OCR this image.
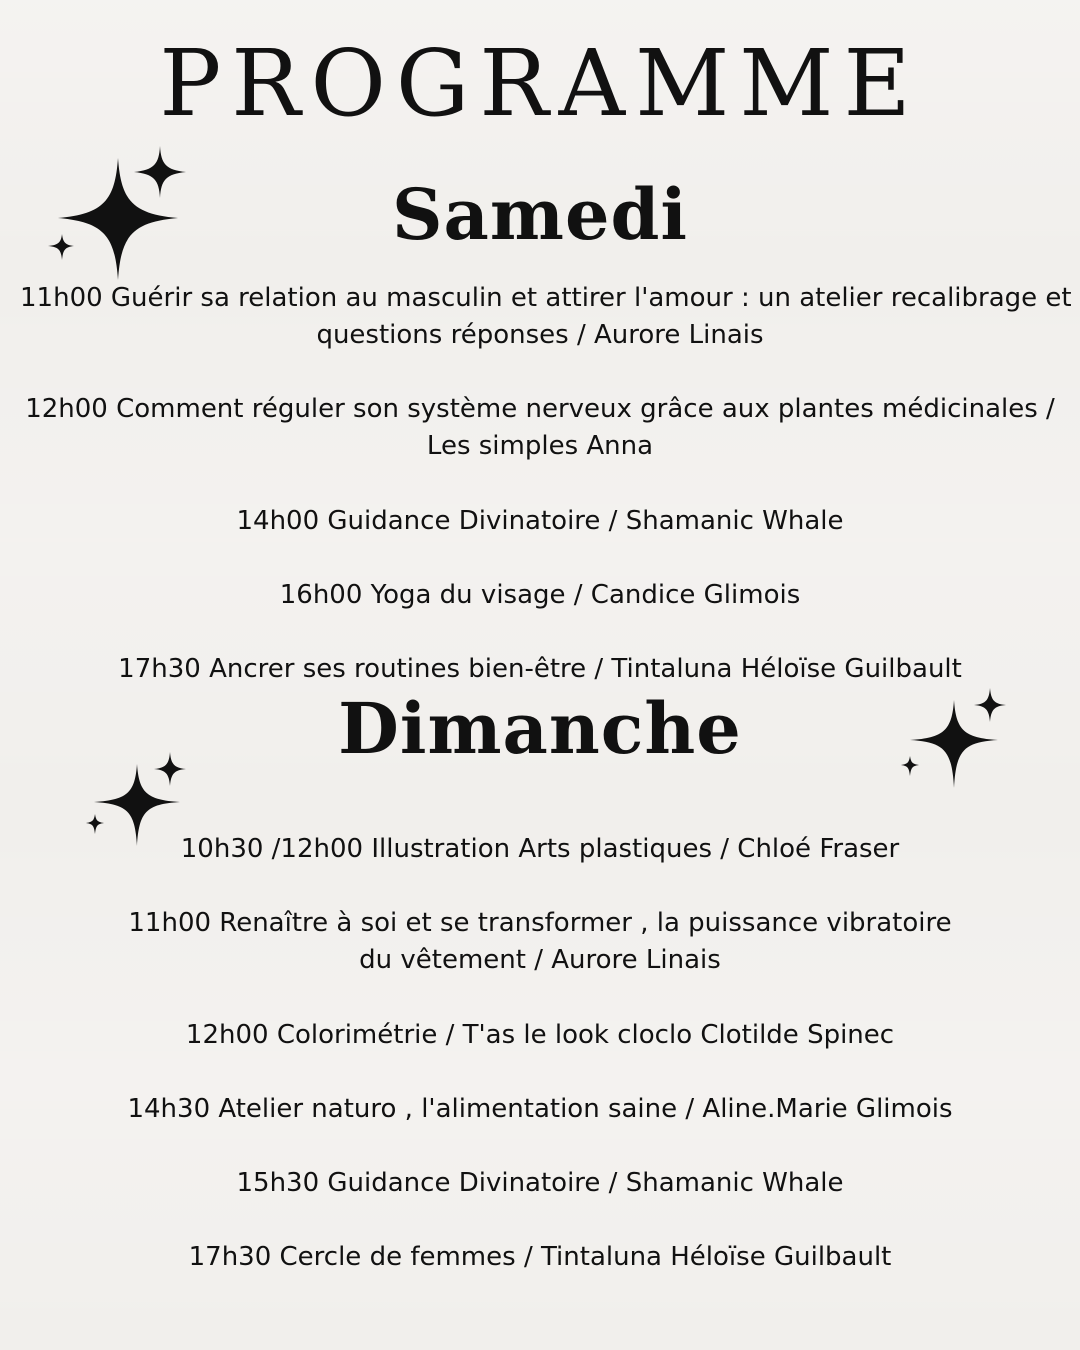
PROGRAMME
Samedi

11h00 Guérir sa relation au masculin et attirer l'amour : un atelier recalibrage et
questions réponses / Aurore Linais

12h00 Comment réguler son système nerveux grâce aux plantes médicinales /
Les simples Anna

14h00 Guidance Divinatoire / Shamanic Whale

16h00 Yoga du visage / Candice Glimois

17h30 Ancrer ses routines bien-être / Tintaluna Héloïse Guilbault

Dimanche

10h30 /12h00 Illustration Arts plastiques / Chloé Fraser

11h00 Renaître à soi et se transformer , la puissance vibratoire
du vêtement / Aurore Linais

12h00 Colorimétrie / T'as le look cloclo Clotilde Spinec

14h30 Atelier naturo , l'alimentation saine / Aline.Marie Glimois

15h30 Guidance Divinatoire / Shamanic Whale

17h30 Cercle de femmes / Tintaluna Héloïse Guilbault
